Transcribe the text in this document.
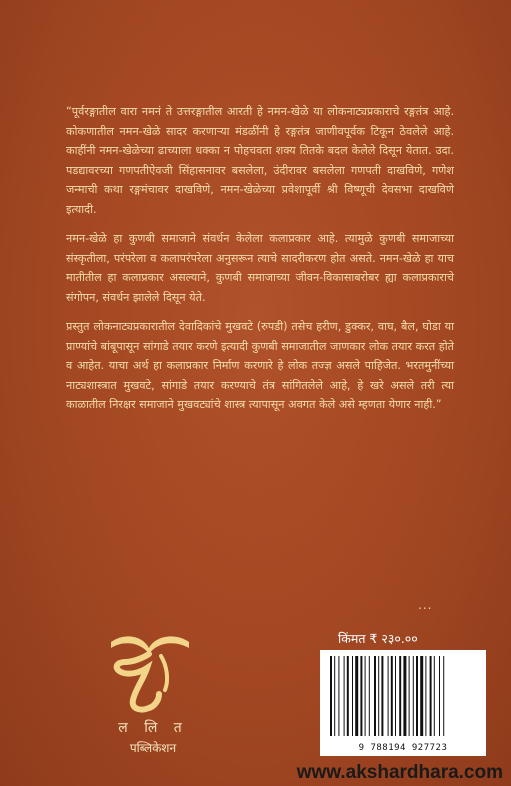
“पूर्वरङ्गातील वारा नमनं ते उत्तरङ्गातील आरती हे नमन-खेळे या लोकनाट्यप्रकाराचे रङ्गतंत्र आहे. कोकणातील नमन-खेळे सादर करणाऱ्या मंडळींनी हे रङ्गतंत्र जाणीवपूर्वक टिकून ठेवलेले आहे. काहींनी नमन-खेळेच्या ढाच्याला धक्का न पोहचवता शक्य तितके बदल केलेले दिसून येतात. उदा. पडद्यावरच्या गणपतीऐवजी सिंहासनावर बसलेला, उंदीरावर बसलेला गणपती दाखविणे, गणेश जन्माची कथा रङ्गमंचावर दाखविणे, नमन-खेळेच्या प्रवेशापूर्वी श्री विष्णूची देवसभा दाखविणे इत्यादी.

नमन-खेळे हा कुणबी समाजाने संवर्धन केलेला कलाप्रकार आहे. त्यामुळे कुणबी समाजाच्या संस्कृतीला, परंपरेला व कलापरंपरेला अनुसरून त्याचे सादरीकरण होत असते. नमन-खेळे हा याच मातीतील हा कलाप्रकार असल्याने, कुणबी समाजाच्या जीवन-विकासाबरोबर ह्या कलाप्रकाराचे संगोपन, संवर्धन झालेले दिसून येते.

प्रस्तुत लोकनाट्यप्रकारातील देवादिकांचे मुखवटे (रुपडी) तसेच हरीण, डुक्कर, वाघ, बैल, घोडा या प्राण्यांचे बांबूपासून सांगाडे तयार करणे इत्यादी कुणबी समाजातील जाणकार लोक तयार करत होते व आहेत. याचा अर्थ हा कलाप्रकार निर्माण करणारे हे लोक तज्ज्ञ असले पाहिजेत. भरतमुनींच्या नाट्यशास्त्रात मुखवटे, सांगाडे तयार करण्याचे तंत्र सांगितलेले आहे, हे खरे असले तरी त्या काळातील निरक्षर समाजाने मुखवट्यांचे शास्त्र त्यापासून अवगत केले असे म्हणता येणार नाही.”

...
ल लि त
पब्लिकेशन
किंमत ₹ २३०.००
9 788194 927723
www.akshardhara.com
